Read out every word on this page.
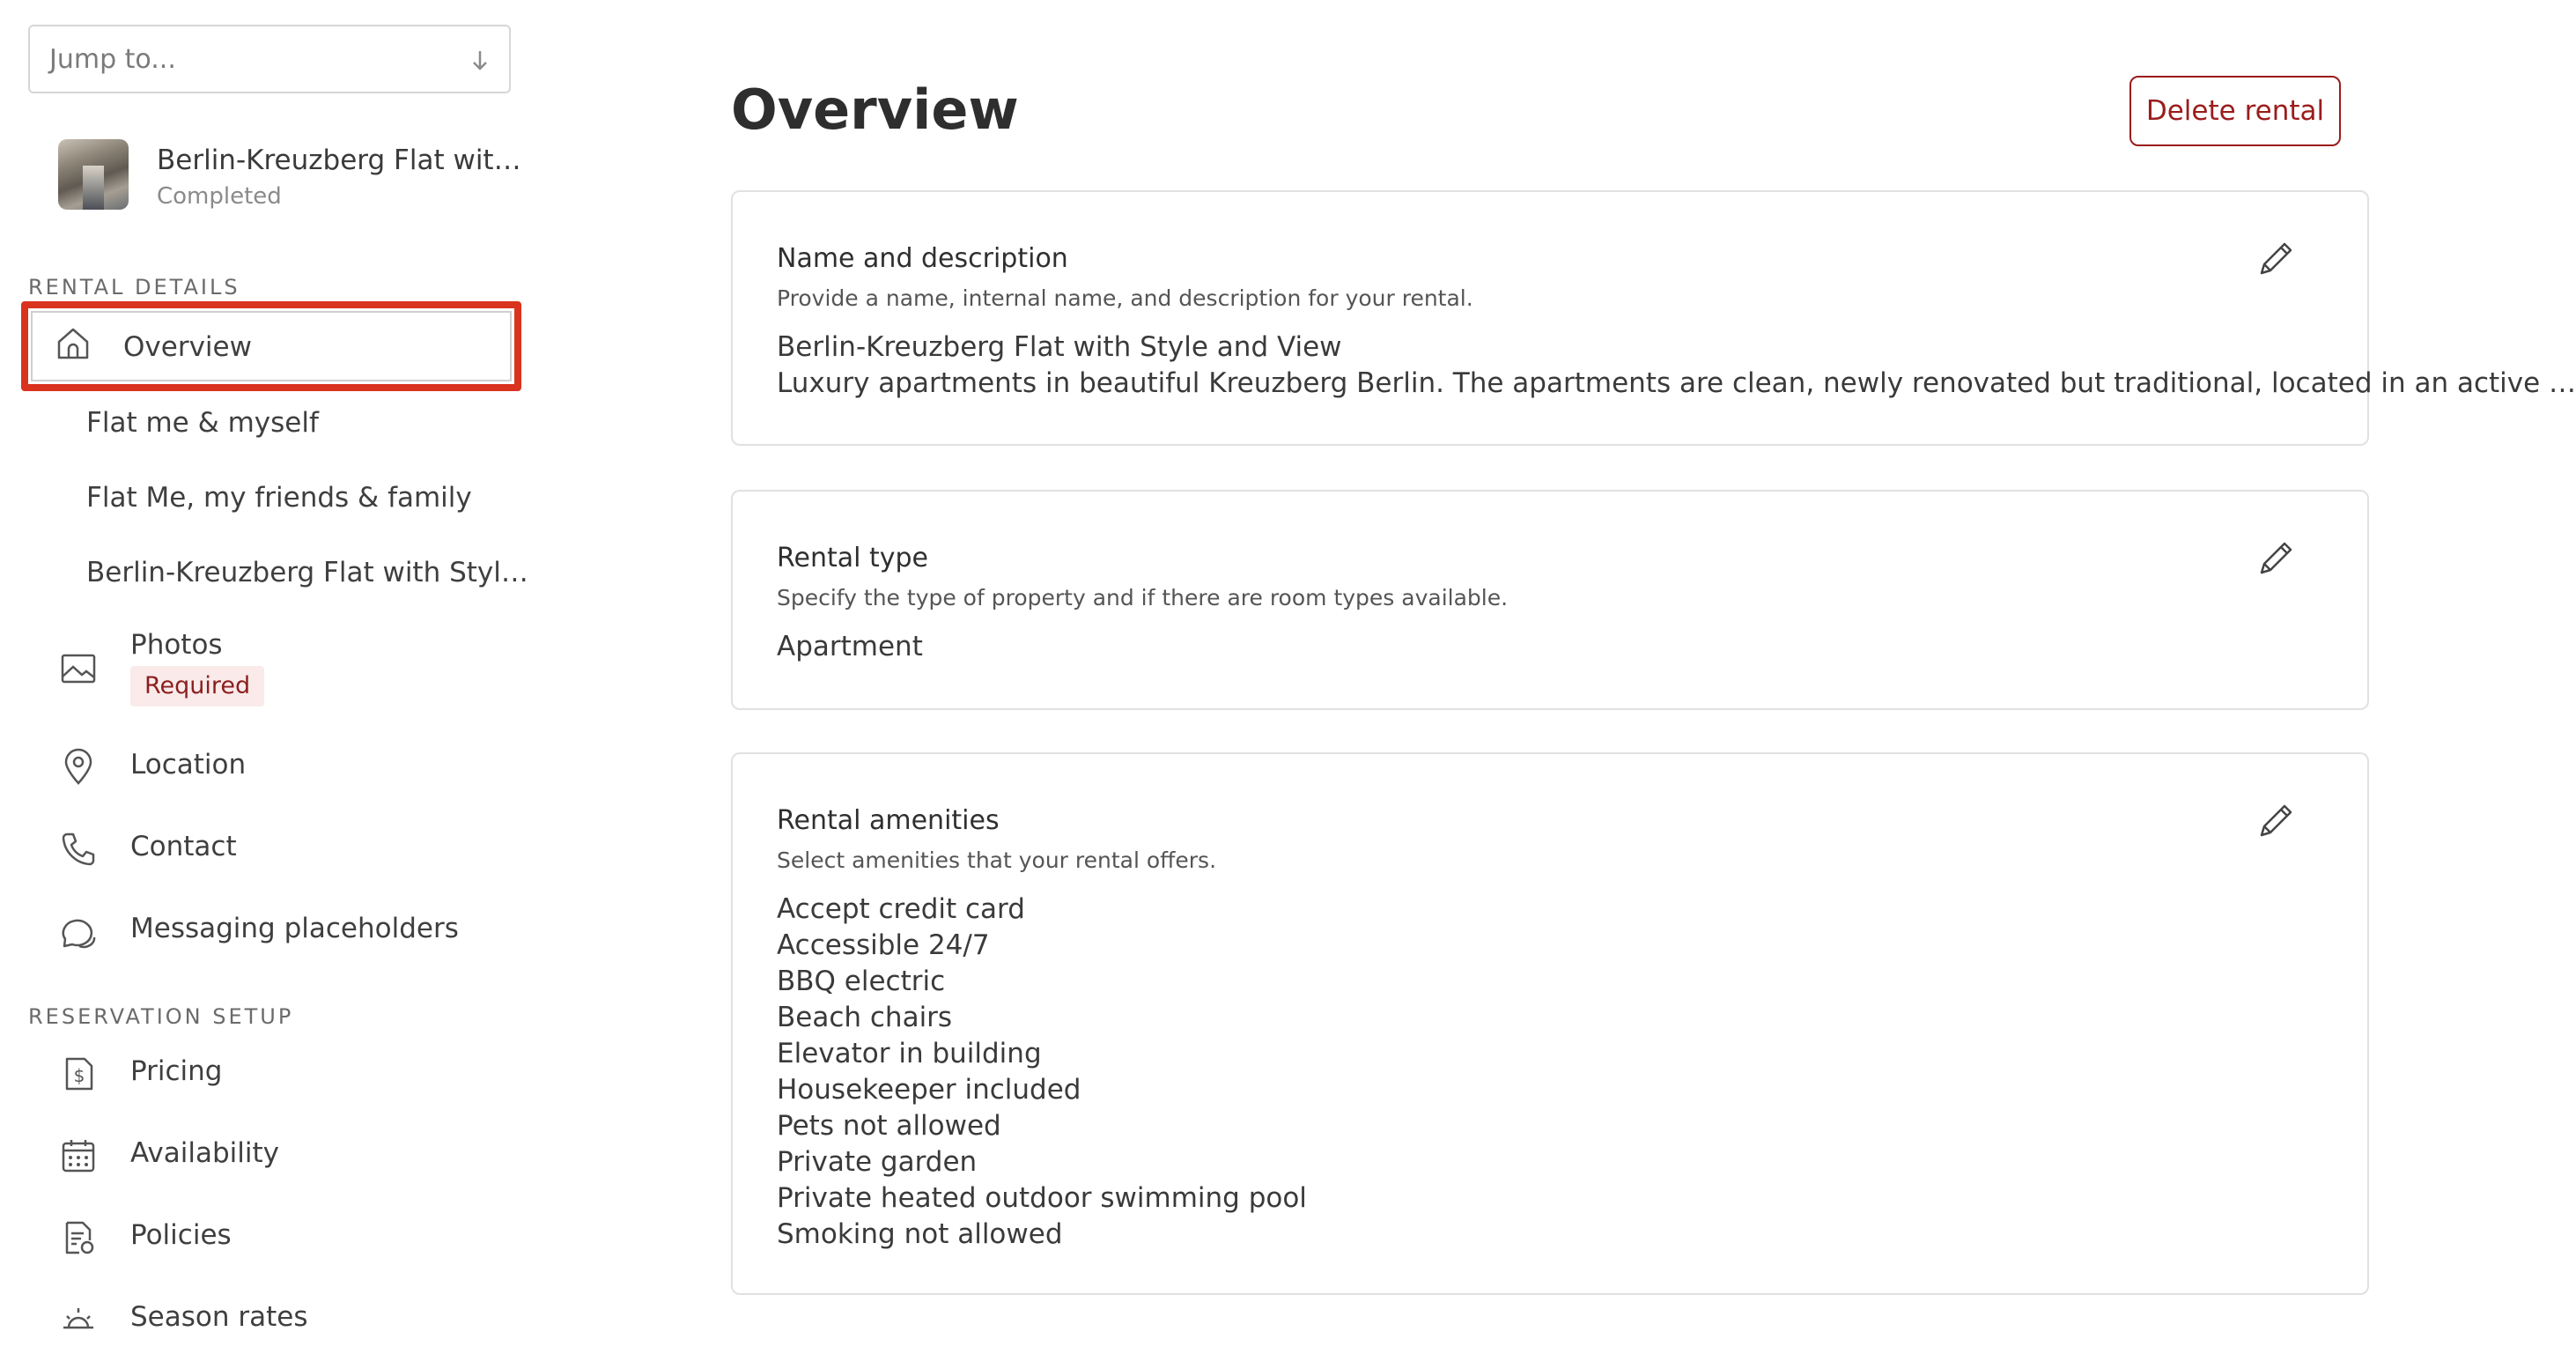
Jump to...
Berlin-Kreuzberg Flat wit…
Completed
RENTAL DETAILS
Overview
Flat me & myself
Flat Me, my friends & family
Berlin-Kreuzberg Flat with Styl…
Photos
Required
Location
Contact
Messaging placeholders
RESERVATION SETUP
$ Pricing
Availability
Policies
Season rates
Overview	Delete rental
Name and description
Provide a name, internal name, and description for your rental.
Berlin-Kreuzberg Flat with Style and View
Luxury apartments in beautiful Kreuzberg Berlin. The apartments are clean, newly renovated but traditional, located in an active …
Rental type
Specify the type of property and if there are room types available.
Apartment
Rental amenities
Select amenities that your rental offers.
Accept credit card
Accessible 24/7
BBQ electric
Beach chairs
Elevator in building
Housekeeper included
Pets not allowed
Private garden
Private heated outdoor swimming pool
Smoking not allowed
